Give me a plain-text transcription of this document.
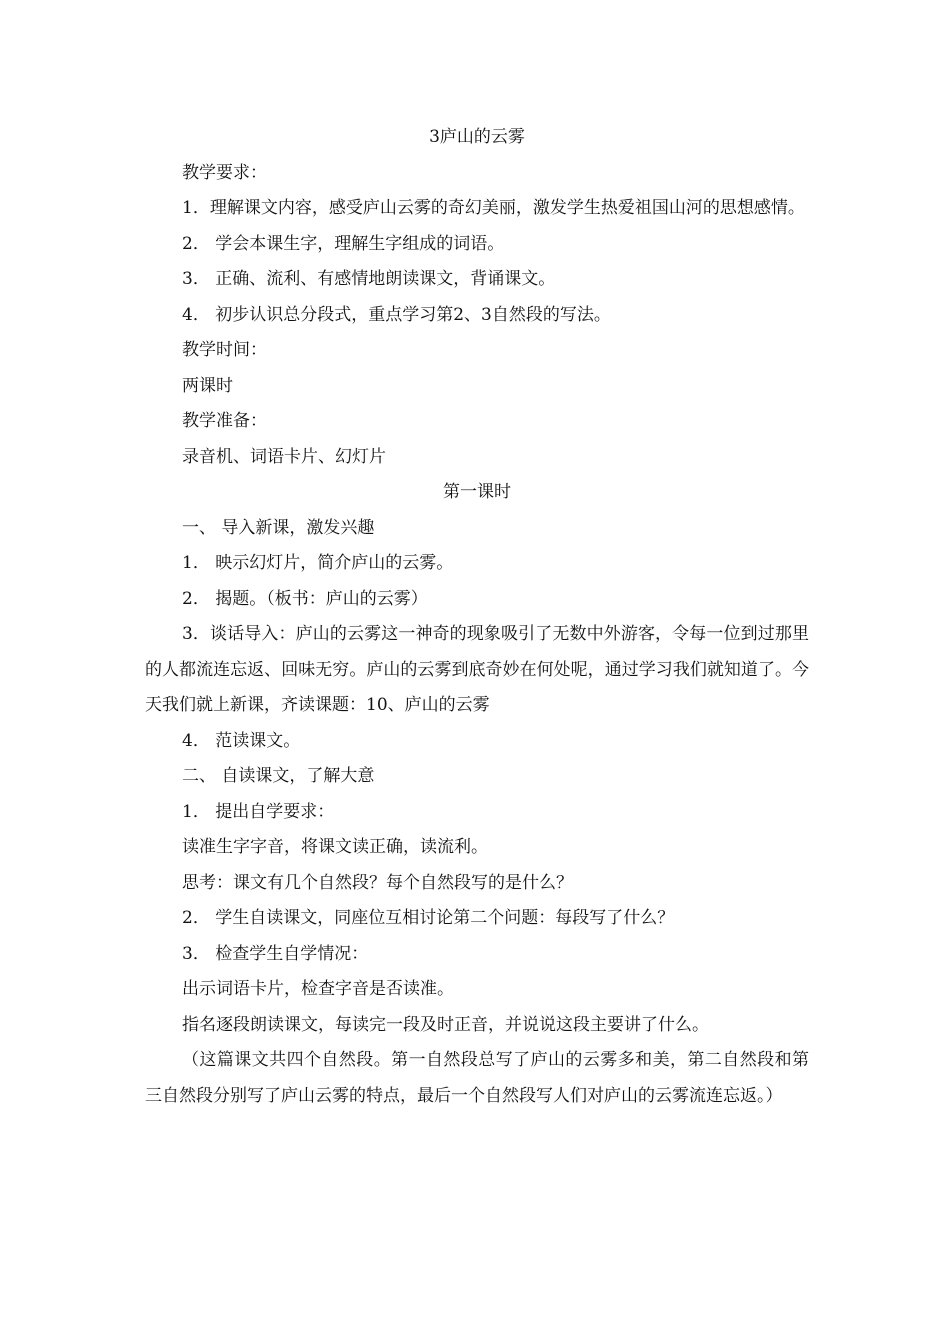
3庐山的云雾

教学要求：

1．理解课文内容，感受庐山云雾的奇幻美丽，激发学生热爱祖国山河的思想感情。

2． 学会本课生字，理解生字组成的词语。

3． 正确、流利、有感情地朗读课文，背诵课文。

4． 初步认识总分段式，重点学习第2、3自然段的写法。

教学时间：

两课时

教学准备：

录音机、词语卡片、幻灯片

第一课时

一、 导入新课，激发兴趣

1． 映示幻灯片，简介庐山的云雾。

2． 揭题。（板书：庐山的云雾）

3．谈话导入：庐山的云雾这一神奇的现象吸引了无数中外游客，令每一位到过那里的人都流连忘返、回味无穷。庐山的云雾到底奇妙在何处呢，通过学习我们就知道了。今天我们就上新课，齐读课题：10、庐山的云雾

4． 范读课文。

二、 自读课文，了解大意

1． 提出自学要求：

读准生字字音，将课文读正确，读流利。

思考：课文有几个自然段？每个自然段写的是什么？

2． 学生自读课文，同座位互相讨论第二个问题：每段写了什么？

3． 检查学生自学情况：

出示词语卡片，检查字音是否读准。

指名逐段朗读课文，每读完一段及时正音，并说说这段主要讲了什么。

（这篇课文共四个自然段。第一自然段总写了庐山的云雾多和美，第二自然段和第三自然段分别写了庐山云雾的特点，最后一个自然段写人们对庐山的云雾流连忘返。）
